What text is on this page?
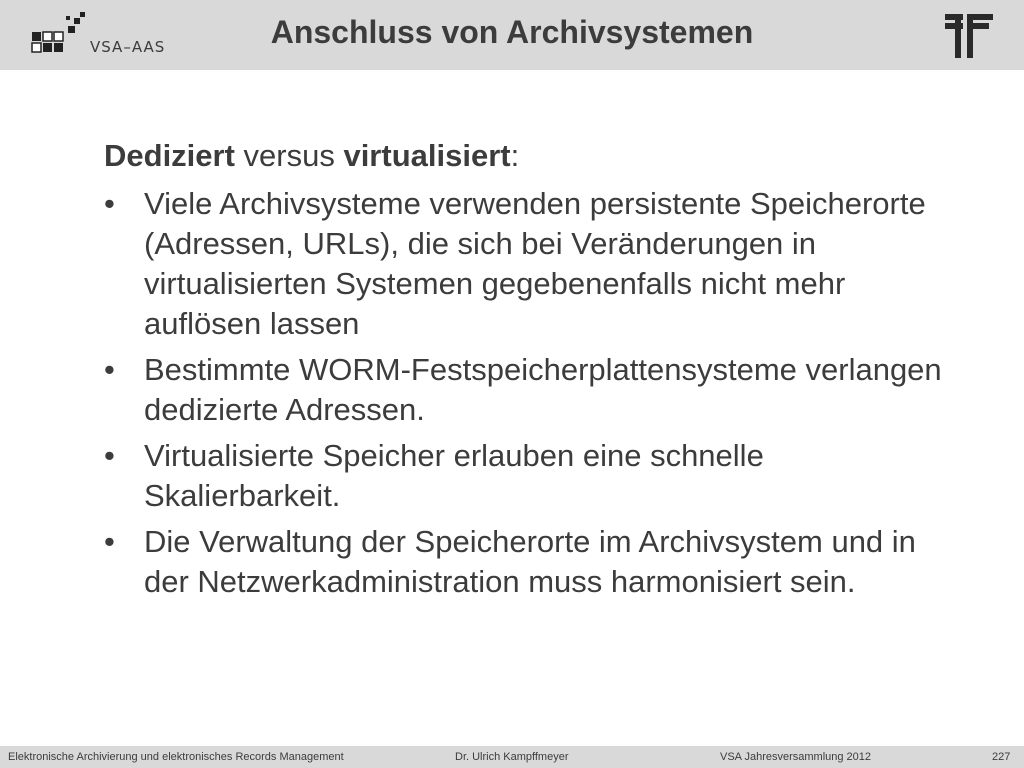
VSA–AAS	Anschluss von Archivsystemen

Dediziert versus virtualisiert:

• Viele Archivsysteme verwenden persistente Speicherorte (Adressen, URLs), die sich bei Veränderungen in virtualisierten Systemen gegebenenfalls nicht mehr auflösen lassen
• Bestimmte WORM-Festspeicherplattensysteme verlangen dedizierte Adressen.
• Virtualisierte Speicher erlauben eine schnelle Skalierbarkeit.
• Die Verwaltung der Speicherorte im Archivsystem und in der Netzwerkadministration muss harmonisiert sein.
Elektronische Archivierung und elektronisches Records Management	Dr. Ulrich Kampffmeyer	VSA Jahresversammlung 2012	227
